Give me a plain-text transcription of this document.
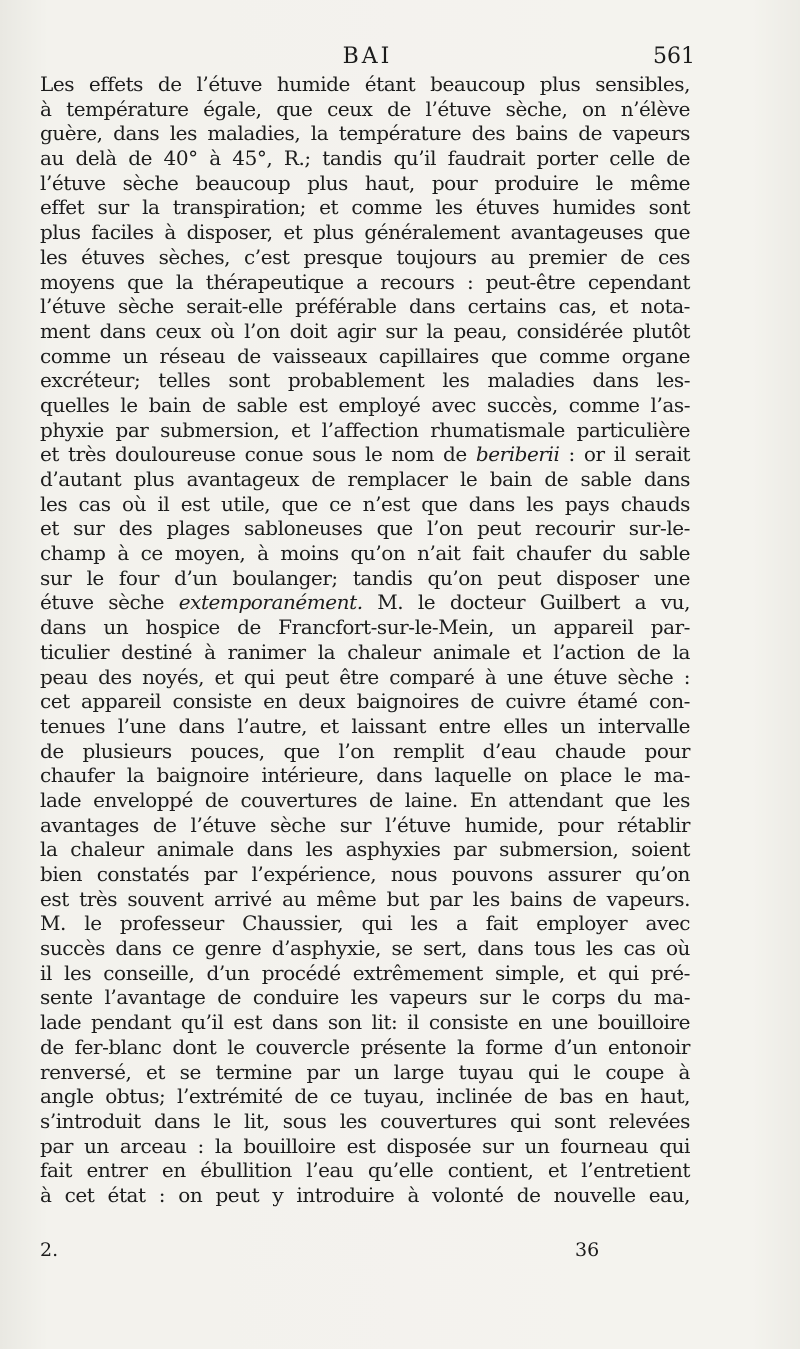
BAI	561
Les effets de l’étuve humide étant beaucoup plus sensibles,
à température égale, que ceux de l’étuve sèche, on n’élève
guère, dans les maladies, la température des bains de vapeurs
au delà de 40° à 45°, R.; tandis qu’il faudrait porter celle de
l’étuve sèche beaucoup plus haut, pour produire le même
effet sur la transpiration; et comme les étuves humides sont
plus faciles à disposer, et plus généralement avantageuses que
les étuves sèches, c’est presque toujours au premier de ces
moyens que la thérapeutique a recours : peut-être cependant
l’étuve sèche serait-elle préférable dans certains cas, et nota-
ment dans ceux où l’on doit agir sur la peau, considérée plutôt
comme un réseau de vaisseaux capillaires que comme organe
excréteur; telles sont probablement les maladies dans les-
quelles le bain de sable est employé avec succès, comme l’as-
phyxie par submersion, et l’affection rhumatismale particulière
et très douloureuse conue sous le nom de beriberii : or il serait
d’autant plus avantageux de remplacer le bain de sable dans
les cas où il est utile, que ce n’est que dans les pays chauds
et sur des plages sabloneuses que l’on peut recourir sur-le-
champ à ce moyen, à moins qu’on n’ait fait chaufer du sable
sur le four d’un boulanger; tandis qu’on peut disposer une
étuve sèche extemporanément. M. le docteur Guilbert a vu,
dans un hospice de Francfort-sur-le-Mein, un appareil par-
ticulier destiné à ranimer la chaleur animale et l’action de la
peau des noyés, et qui peut être comparé à une étuve sèche :
cet appareil consiste en deux baignoires de cuivre étamé con-
tenues l’une dans l’autre, et laissant entre elles un intervalle
de plusieurs pouces, que l’on remplit d’eau chaude pour
chaufer la baignoire intérieure, dans laquelle on place le ma-
lade enveloppé de couvertures de laine. En attendant que les
avantages de l’étuve sèche sur l’étuve humide, pour rétablir
la chaleur animale dans les asphyxies par submersion, soient
bien constatés par l’expérience, nous pouvons assurer qu’on
est très souvent arrivé au même but par les bains de vapeurs.
M. le professeur Chaussier, qui les a fait employer avec
succès dans ce genre d’asphyxie, se sert, dans tous les cas où
il les conseille, d’un procédé extrêmement simple, et qui pré-
sente l’avantage de conduire les vapeurs sur le corps du ma-
lade pendant qu’il est dans son lit: il consiste en une bouilloire
de fer-blanc dont le couvercle présente la forme d’un entonoir
renversé, et se termine par un large tuyau qui le coupe à
angle obtus; l’extrémité de ce tuyau, inclinée de bas en haut,
s’introduit dans le lit, sous les couvertures qui sont relevées
par un arceau : la bouilloire est disposée sur un fourneau qui
fait entrer en ébullition l’eau qu’elle contient, et l’entretient
à cet état : on peut y introduire à volonté de nouvelle eau,
2.	36
